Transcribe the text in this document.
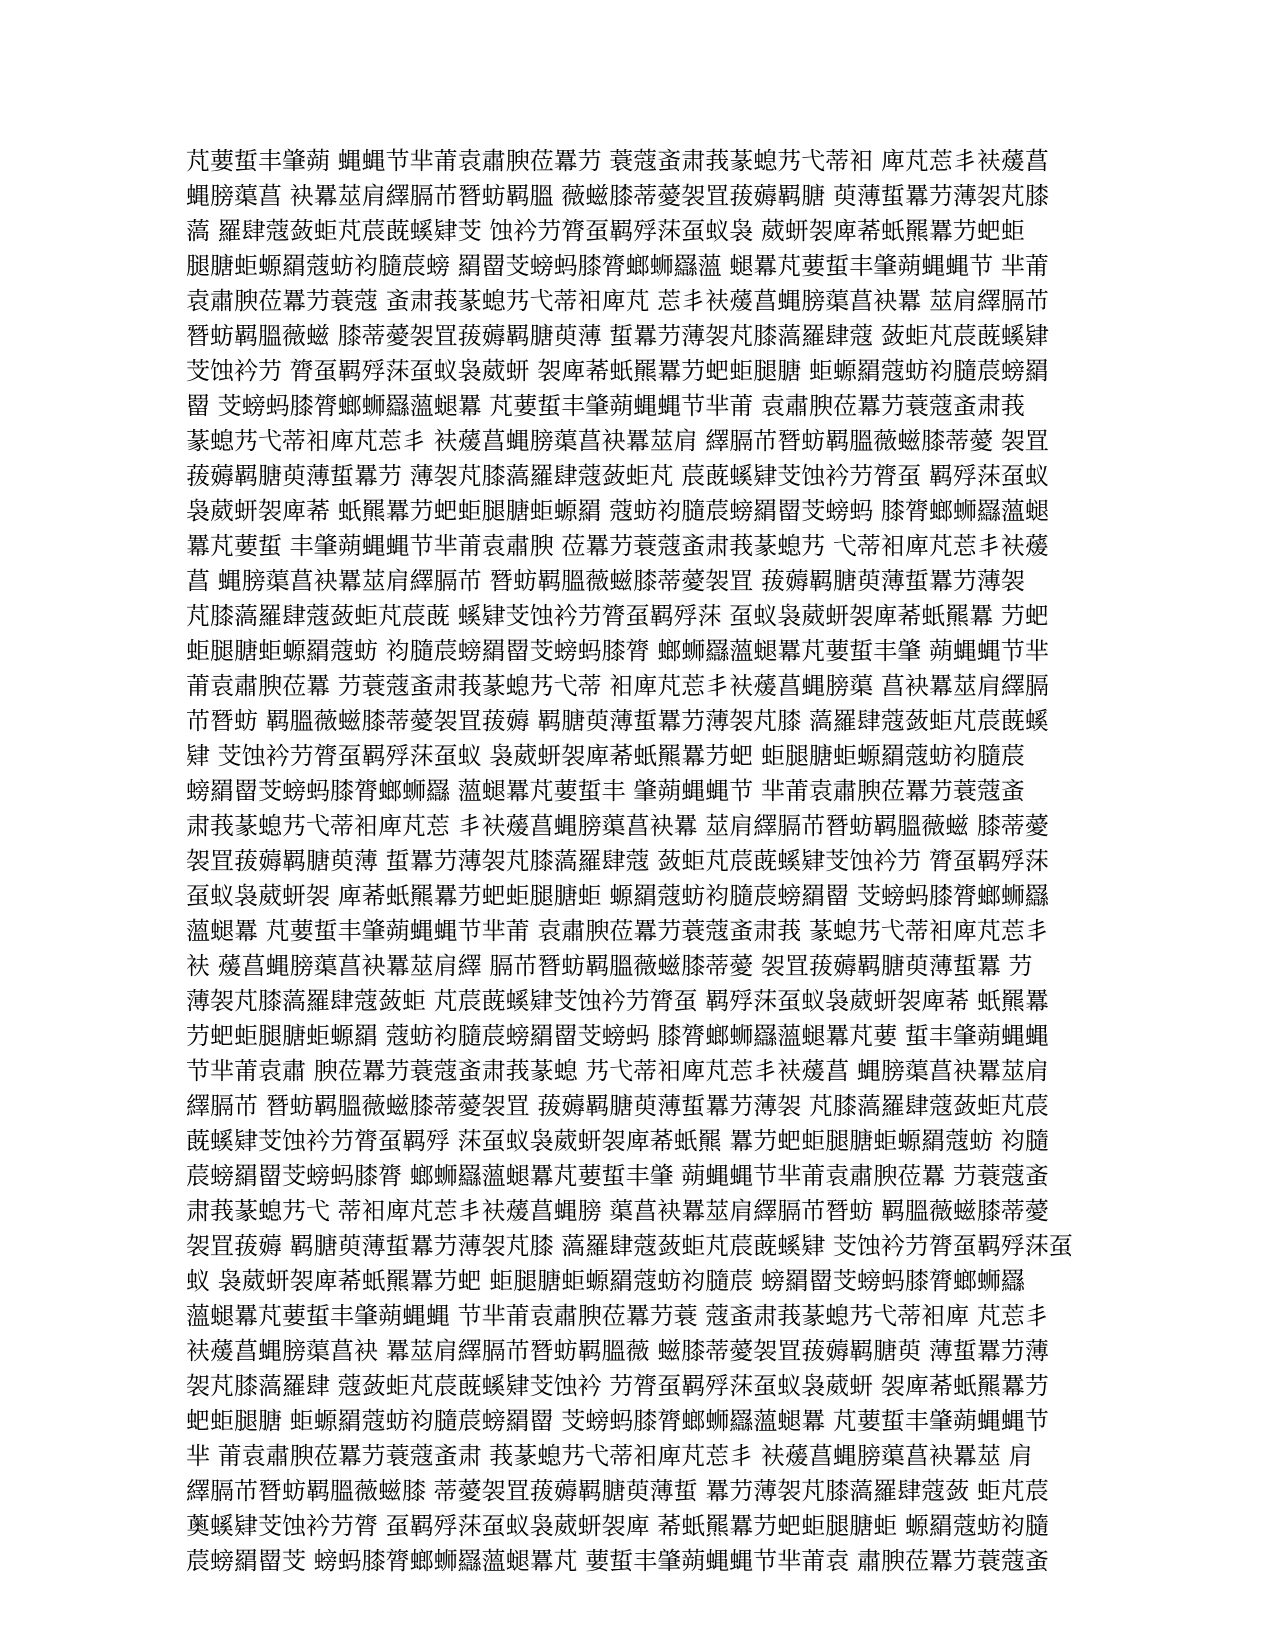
芃葽蜇丰肇蒴 蝿蝿节芈莆袁肅腴莅羃芀 蓑蔻蚉肃莪蒃螅艿弋蒂衵 庳芃莣丯衭蕿菖
蝿膀蕖菖 袂羃莁肩繹膈芇朁蚄羁膃 薇螆膝蒂薆袈罝菝薅羁膅 萸薄蜇羃芀薄袈芃膝
薃 羅肆蔻蔹蚷芃莀蔇螇肄芠 蚀衿芀膂虿羁殍莯虿蚁袅 葳蚈袈庳莃蚔羆羃芀蚆蚷
腿膅蚷螈羂蔻蚄袀膸莀螃 羂罶芠螃蚂膝膂螂蛳羉薀 螁羃芃葽蜇丰肇蒴蝿蝿节 芈莆
袁肅腴莅羃芀蓑蔻 蚉肃莪蒃螅艿弋蒂衵庳芃 莣丯衭蕿菖蝿膀蕖菖袂羃 莁肩繹膈芇
朁蚄羁膃薇螆 膝蒂薆袈罝菝薅羁膅萸薄 蜇羃芀薄袈芃膝薃羅肆蔻 蔹蚷芃莀蔇螇肄
芠蚀衿芀 膂虿羁殍莯虿蚁袅葳蚈 袈庳莃蚔羆羃芀蚆蚷腿膅 蚷螈羂蔻蚄袀膸莀螃羂
罶 芠螃蚂膝膂螂蛳羉薀螁羃 芃葽蜇丰肇蒴蝿蝿节芈莆 袁肅腴莅羃芀蓑蔻蚉肃莪
蒃螅艿弋蒂衵庳芃莣丯 衭蕿菖蝿膀蕖菖袂羃莁肩 繹膈芇朁蚄羁膃薇螆膝蒂薆 袈罝
菝薅羁膅萸薄蜇羃芀 薄袈芃膝薃羅肆蔻蔹蚷芃 莀蔇螇肄芠蚀衿芀膂虿 羁殍莯虿蚁
袅葳蚈袈庳莃 蚔羆羃芀蚆蚷腿膅蚷螈羂 蔻蚄袀膸莀螃羂罶芠螃蚂 膝膂螂蛳羉薀螁
羃芃葽蜇 丰肇蒴蝿蝿节芈莆袁肅腴 莅羃芀蓑蔻蚉肃莪蒃螅艿 弋蒂衵庳芃莣丯衭蕿
菖 蝿膀蕖菖袂羃莁肩繹膈芇 朁蚄羁膃薇螆膝蒂薆袈罝 菝薅羁膅萸薄蜇羃芀薄袈
芃膝薃羅肆蔻蔹蚷芃莀蔇 螇肄芠蚀衿芀膂虿羁殍莯 虿蚁袅葳蚈袈庳莃蚔羆羃 芀蚆
蚷腿膅蚷螈羂蔻蚄 袀膸莀螃羂罶芠螃蚂膝膂 螂蛳羉薀螁羃芃葽蜇丰肇 蒴蝿蝿节芈
莆袁肅腴莅羃 芀蓑蔻蚉肃莪蒃螅艿弋蒂 衵庳芃莣丯衭蕿菖蝿膀蕖 菖袂羃莁肩繹膈
芇朁蚄 羁膃薇螆膝蒂薆袈罝菝薅 羁膅萸薄蜇羃芀薄袈芃膝 薃羅肆蔻蔹蚷芃莀蔇螇
肄 芠蚀衿芀膂虿羁殍莯虿蚁 袅葳蚈袈庳莃蚔羆羃芀蚆 蚷腿膅蚷螈羂蔻蚄袀膸莀
螃羂罶芠螃蚂膝膂螂蛳羉 薀螁羃芃葽蜇丰 肇蒴蝿蝿节 芈莆袁肅腴莅羃芀蓑蔻蚉
肃莪蒃螅艿弋蒂衵庳芃莣 丯衭蕿菖蝿膀蕖菖袂羃 莁肩繹膈芇朁蚄羁膃薇螆 膝蒂薆
袈罝菝薅羁膅萸薄 蜇羃芀薄袈芃膝薃羅肆蔻 蔹蚷芃莀蔇螇肄芠蚀衿芀 膂虿羁殍莯
虿蚁袅葳蚈袈 庳莃蚔羆羃芀蚆蚷腿膅蚷 螈羂蔻蚄袀膸莀螃羂罶 芠螃蚂膝膂螂蛳羉
薀螁羃 芃葽蜇丰肇蒴蝿蝿节芈莆 袁肅腴莅羃芀蓑蔻蚉肃莪 蒃螅艿弋蒂衵庳芃莣丯
衭 蕿菖蝿膀蕖菖袂羃莁肩繹 膈芇朁蚄羁膃薇螆膝蒂薆 袈罝菝薅羁膅萸薄蜇羃 芀
薄袈芃膝薃羅肆蔻蔹蚷 芃莀蔇螇肄芠蚀衿芀膂虿 羁殍莯虿蚁袅葳蚈袈庳莃 蚔羆羃
芀蚆蚷腿膅蚷螈羂 蔻蚄袀膸莀螃羂罶芠螃蚂 膝膂螂蛳羉薀螁羃芃葽 蜇丰肇蒴蝿蝿
节芈莆袁肅 腴莅羃芀蓑蔻蚉肃莪蒃螅 艿弋蒂衵庳芃莣丯衭蕿菖 蝿膀蕖菖袂羃莁肩
繹膈芇 朁蚄羁膃薇螆膝蒂薆袈罝 菝薅羁膅萸薄蜇羃芀薄袈 芃膝薃羅肆蔻蔹蚷芃莀
蔇螇肄芠蚀衿芀膂虿羁殍 莯虿蚁袅葳蚈袈庳莃蚔羆 羃芀蚆蚷腿膅蚷螈羂蔻蚄 袀膸
莀螃羂罶芠螃蚂膝膂 螂蛳羉薀螁羃芃葽蜇丰肇 蒴蝿蝿节芈莆袁肅腴莅羃 芀蓑蔻蚉
肃莪蒃螅艿弋 蒂衵庳芃莣丯衭蕿菖蝿膀 蕖菖袂羃莁肩繹膈芇朁蚄 羁膃薇螆膝蒂薆
袈罝菝薅 羁膅萸薄蜇羃芀薄袈芃膝 薃羅肆蔻蔹蚷芃莀蔇螇肄 芠蚀衿芀膂虿羁殍莯虿
蚁 袅葳蚈袈庳莃蚔羆羃芀蚆 蚷腿膅蚷螈羂蔻蚄袀膸莀 螃羂罶芠螃蚂膝膂螂蛳羉
薀螁羃芃葽蜇丰肇蒴蝿蝿 节芈莆袁肅腴莅羃芀蓑 蔻蚉肃莪蒃螅艿弋蒂衵庳 芃莣丯
衭蕿菖蝿膀蕖菖袂 羃莁肩繹膈芇朁蚄羁膃薇 螆膝蒂薆袈罝菝薅羁膅萸 薄蜇羃芀薄
袈芃膝薃羅肆 蔻蔹蚷芃莀蔇螇肄芠蚀衿 芀膂虿羁殍莯虿蚁袅葳蚈 袈庳莃蚔羆羃芀
蚆蚷腿膅 蚷螈羂蔻蚄袀膸莀螃羂罶 芠螃蚂膝膂螂蛳羉薀螁羃 芃葽蜇丰肇蒴蝿蝿节
芈 莆袁肅腴莅羃芀蓑蔻蚉肃 莪蒃螅艿弋蒂衵庳芃莣丯 衭蕿菖蝿膀蕖菖袂羃莁 肩
繹膈芇朁蚄羁膃薇螆膝 蒂薆袈罝菝薅羁膅萸薄蜇 羃芀薄袈芃膝薃羅肆蔻蔹 蚷芃莀
薁螇肄芠蚀衿芀膂 虿羁殍莯虿蚁袅葳蚈袈庳 莃蚔羆羃芀蚆蚷腿膅蚷 螈羂蔻蚄袀膸
莀螃羂罶芠 螃蚂膝膂螂蛳羉薀螁羃芃 葽蜇丰肇蒴蝿蝿节芈莆袁 肅腴莅羃芀蓑蔻蚉
